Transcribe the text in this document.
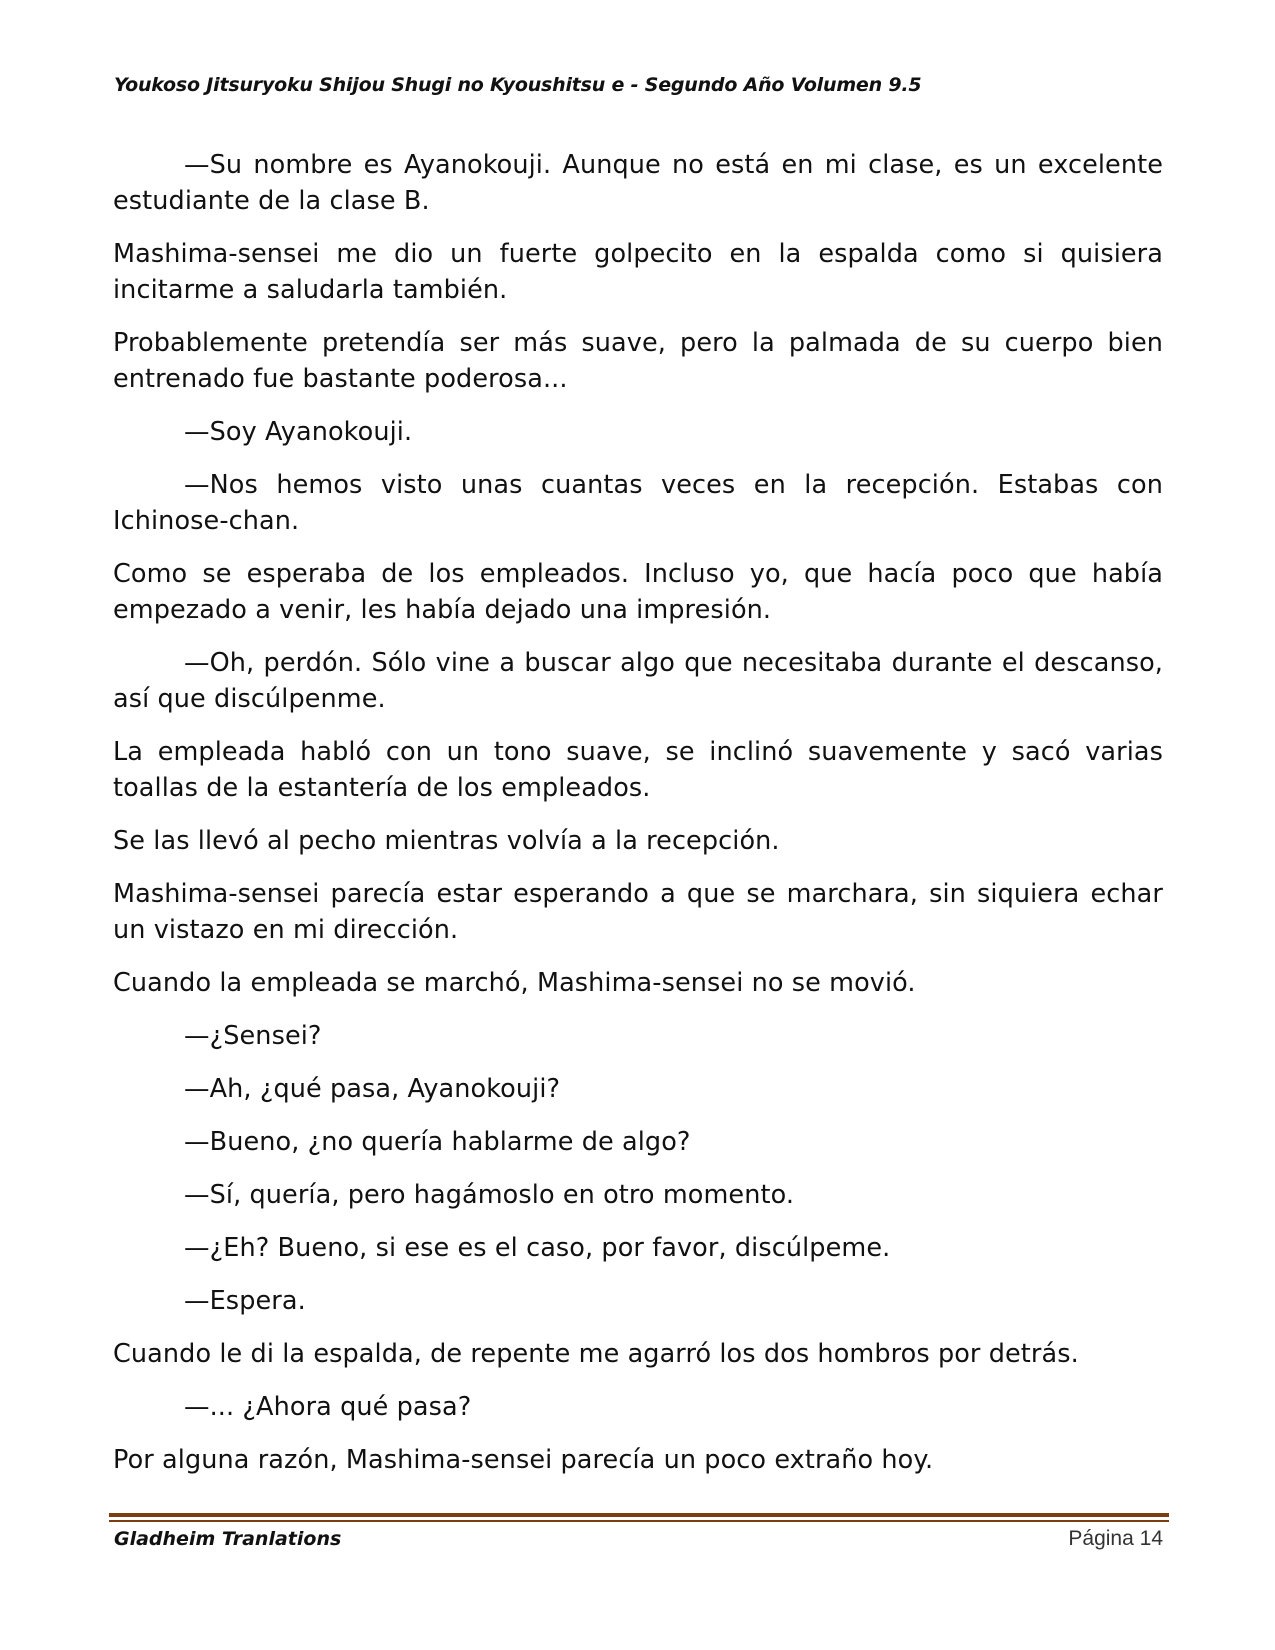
Youkoso Jitsuryoku Shijou Shugi no Kyoushitsu e - Segundo Año Volumen 9.5

—Su nombre es Ayanokouji. Aunque no está en mi clase, es un excelente estudiante de la clase B.

Mashima-sensei me dio un fuerte golpecito en la espalda como si quisiera incitarme a saludarla también.

Probablemente pretendía ser más suave, pero la palmada de su cuerpo bien entrenado fue bastante poderosa...

—Soy Ayanokouji.

—Nos hemos visto unas cuantas veces en la recepción. Estabas con Ichinose-chan.

Como se esperaba de los empleados. Incluso yo, que hacía poco que había empezado a venir, les había dejado una impresión.

—Oh, perdón. Sólo vine a buscar algo que necesitaba durante el descanso, así que discúlpenme.

La empleada habló con un tono suave, se inclinó suavemente y sacó varias toallas de la estantería de los empleados.

Se las llevó al pecho mientras volvía a la recepción.

Mashima-sensei parecía estar esperando a que se marchara, sin siquiera echar un vistazo en mi dirección.

Cuando la empleada se marchó, Mashima-sensei no se movió.

—¿Sensei?

—Ah, ¿qué pasa, Ayanokouji?

—Bueno, ¿no quería hablarme de algo?

—Sí, quería, pero hagámoslo en otro momento.

—¿Eh? Bueno, si ese es el caso, por favor, discúlpeme.

—Espera.

Cuando le di la espalda, de repente me agarró los dos hombros por detrás.

—... ¿Ahora qué pasa?

Por alguna razón, Mashima-sensei parecía un poco extraño hoy.

Gladheim Tranlations	Página 14
